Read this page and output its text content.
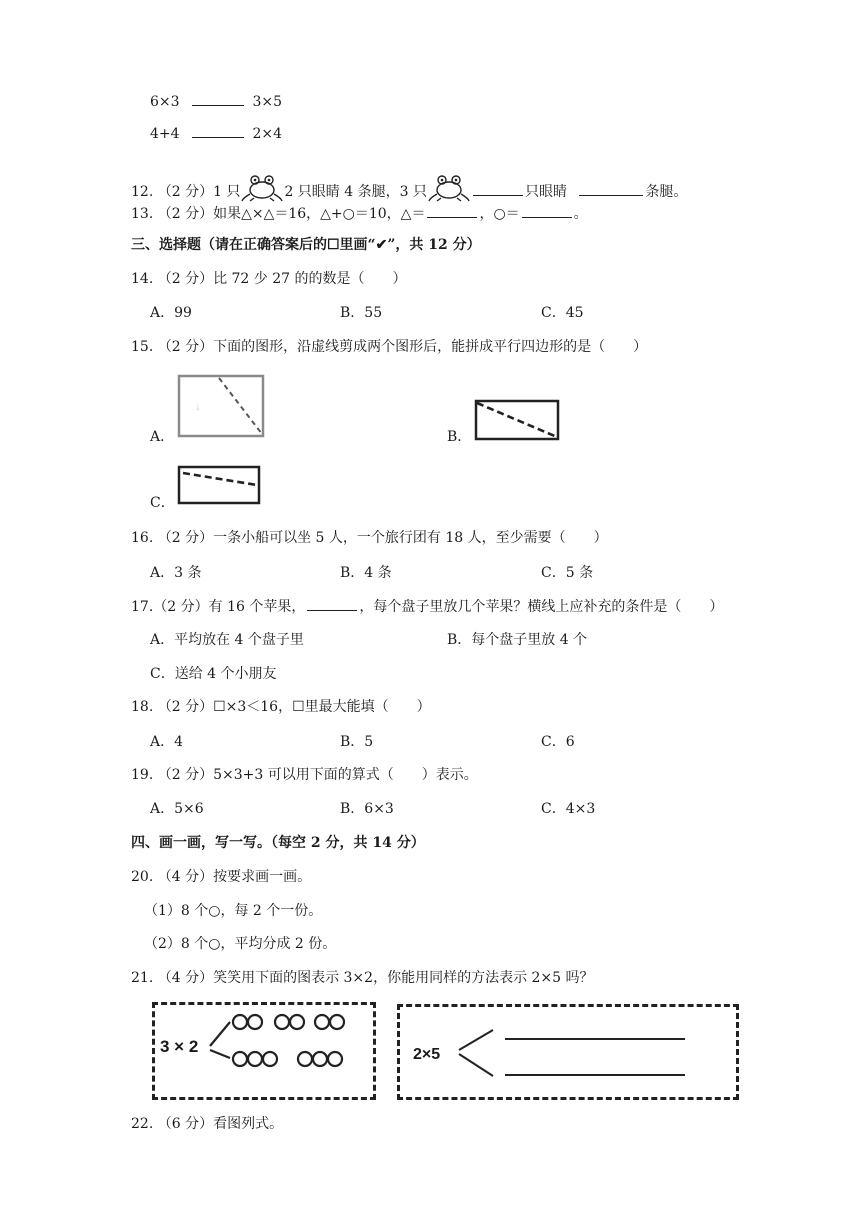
6×3	3×5
4+4	2×4
12. （2 分）1 只	2 只眼睛 4 条腿，3 只	只眼睛	条腿。
13. （2 分）如果△×△＝16，△+○＝10，△＝	，○＝	。
三、选择题（请在正确答案后的☐里画“✔”，共 12 分）
14. （2 分）比 72 少 27 的的数是（　　）
A．99	B．55	C．45
15. （2 分）下面的图形，沿虚线剪成两个图形后，能拼成平行四边形的是（　　）
A．
↓
B．
C．
16. （2 分）一条小船可以坐 5 人，一个旅行团有 18 人，至少需要（　　）
A．3 条	B．4 条	C．5 条
17.（2 分）有 16 个苹果，	，每个盘子里放几个苹果？横线上应补充的条件是（　　）
A．平均放在 4 个盘子里	B．每个盘子里放 4 个
C．送给 4 个小朋友
18. （2 分）☐×3＜16，☐里最大能填（　　）
A．4	B．5	C．6
19. （2 分）5×3+3 可以用下面的算式（　　）表示。
A．5×6	B．6×3	C．4×3
四、画一画，写一写。（每空 2 分，共 14 分）
20. （4 分）按要求画一画。
（1）8 个○，每 2 个一份。
（2）8 个○，平均分成 2 份。
21. （4 分）笑笑用下面的图表示 3×2，你能用同样的方法表示 2×5 吗？
3 × 2	2×5
22. （6 分）看图列式。
